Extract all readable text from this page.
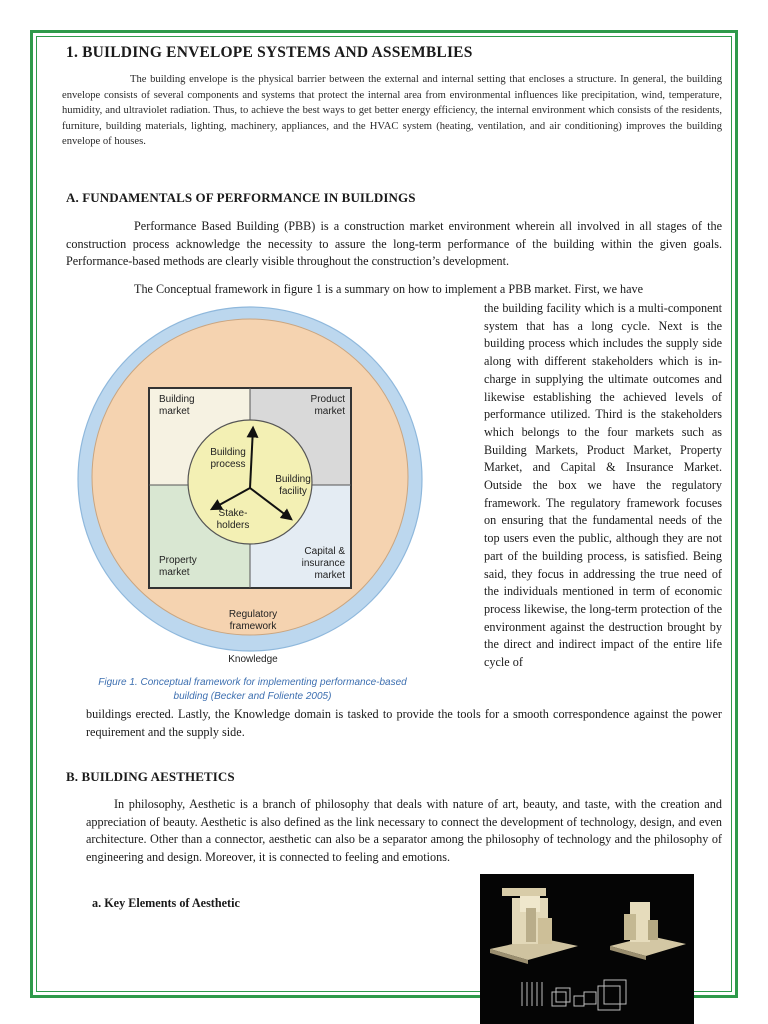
1. BUILDING ENVELOPE SYSTEMS AND ASSEMBLIES

The building envelope is the physical barrier between the external and internal setting that encloses a structure. In general, the building envelope consists of several components and systems that protect the internal area from environmental influences like precipitation, wind, temperature, humidity, and ultraviolet radiation. Thus, to achieve the best ways to get better energy efficiency, the internal environment which consists of the residents, furniture, building materials, lighting, machinery, appliances, and the HVAC system (heating, ventilation, and air conditioning) improves the building envelope of houses.

A. FUNDAMENTALS OF PERFORMANCE IN BUILDINGS

Performance Based Building (PBB) is a construction market environment wherein all involved in all stages of the construction process acknowledge the necessity to assure the long-term performance of the building within the given goals. Performance-based methods are clearly visible throughout the construction’s development.

The Conceptual framework in figure 1 is a summary on how to implement a PBB market. First, we have
the building facility which is a multi-component system that has a long cycle. Next is the building process which includes the supply side along with different stakeholders which is in-charge in supplying the ultimate outcomes and likewise establishing the achieved levels of performance utilized. Third is the stakeholders which belongs to the four markets such as Building Markets, Product Market, Property Market, and Capital & Insurance Market. Outside the box we have the regulatory framework. The regulatory framework focuses on ensuring that the fundamental needs of the top users even the public, although they are not part of the building process, is satisfied. Being said, they focus in addressing the true need of the individuals mentioned in term of economic process likewise, the long-term protection of the environment against the destruction brought by the direct and indirect impact of the entire life cycle of
buildings erected. Lastly, the Knowledge domain is tasked to provide the tools for a smooth correspondence against the power requirement and the supply side.
B. BUILDING AESTHETICS

In philosophy, Aesthetic is a branch of philosophy that deals with nature of art, beauty, and taste, with the creation and appreciation of beauty. Aesthetic is also defined as the link necessary to connect the development of technology, design, and even architecture. Other than a connector, aesthetic can also be a separator among the philosophy of technology and the philosophy of engineering and design. Moreover, it is connected to feeling and emotions.

a. Key Elements of Aesthetic
Building
market
Product
market
Property
market
Capital &
insurance
market
Building
process
Building
facility
Stake-
holders
Regulatory
framework
Knowledge
Figure 1. Conceptual framework for implementing performance-based
building (Becker and Foliente 2005)
